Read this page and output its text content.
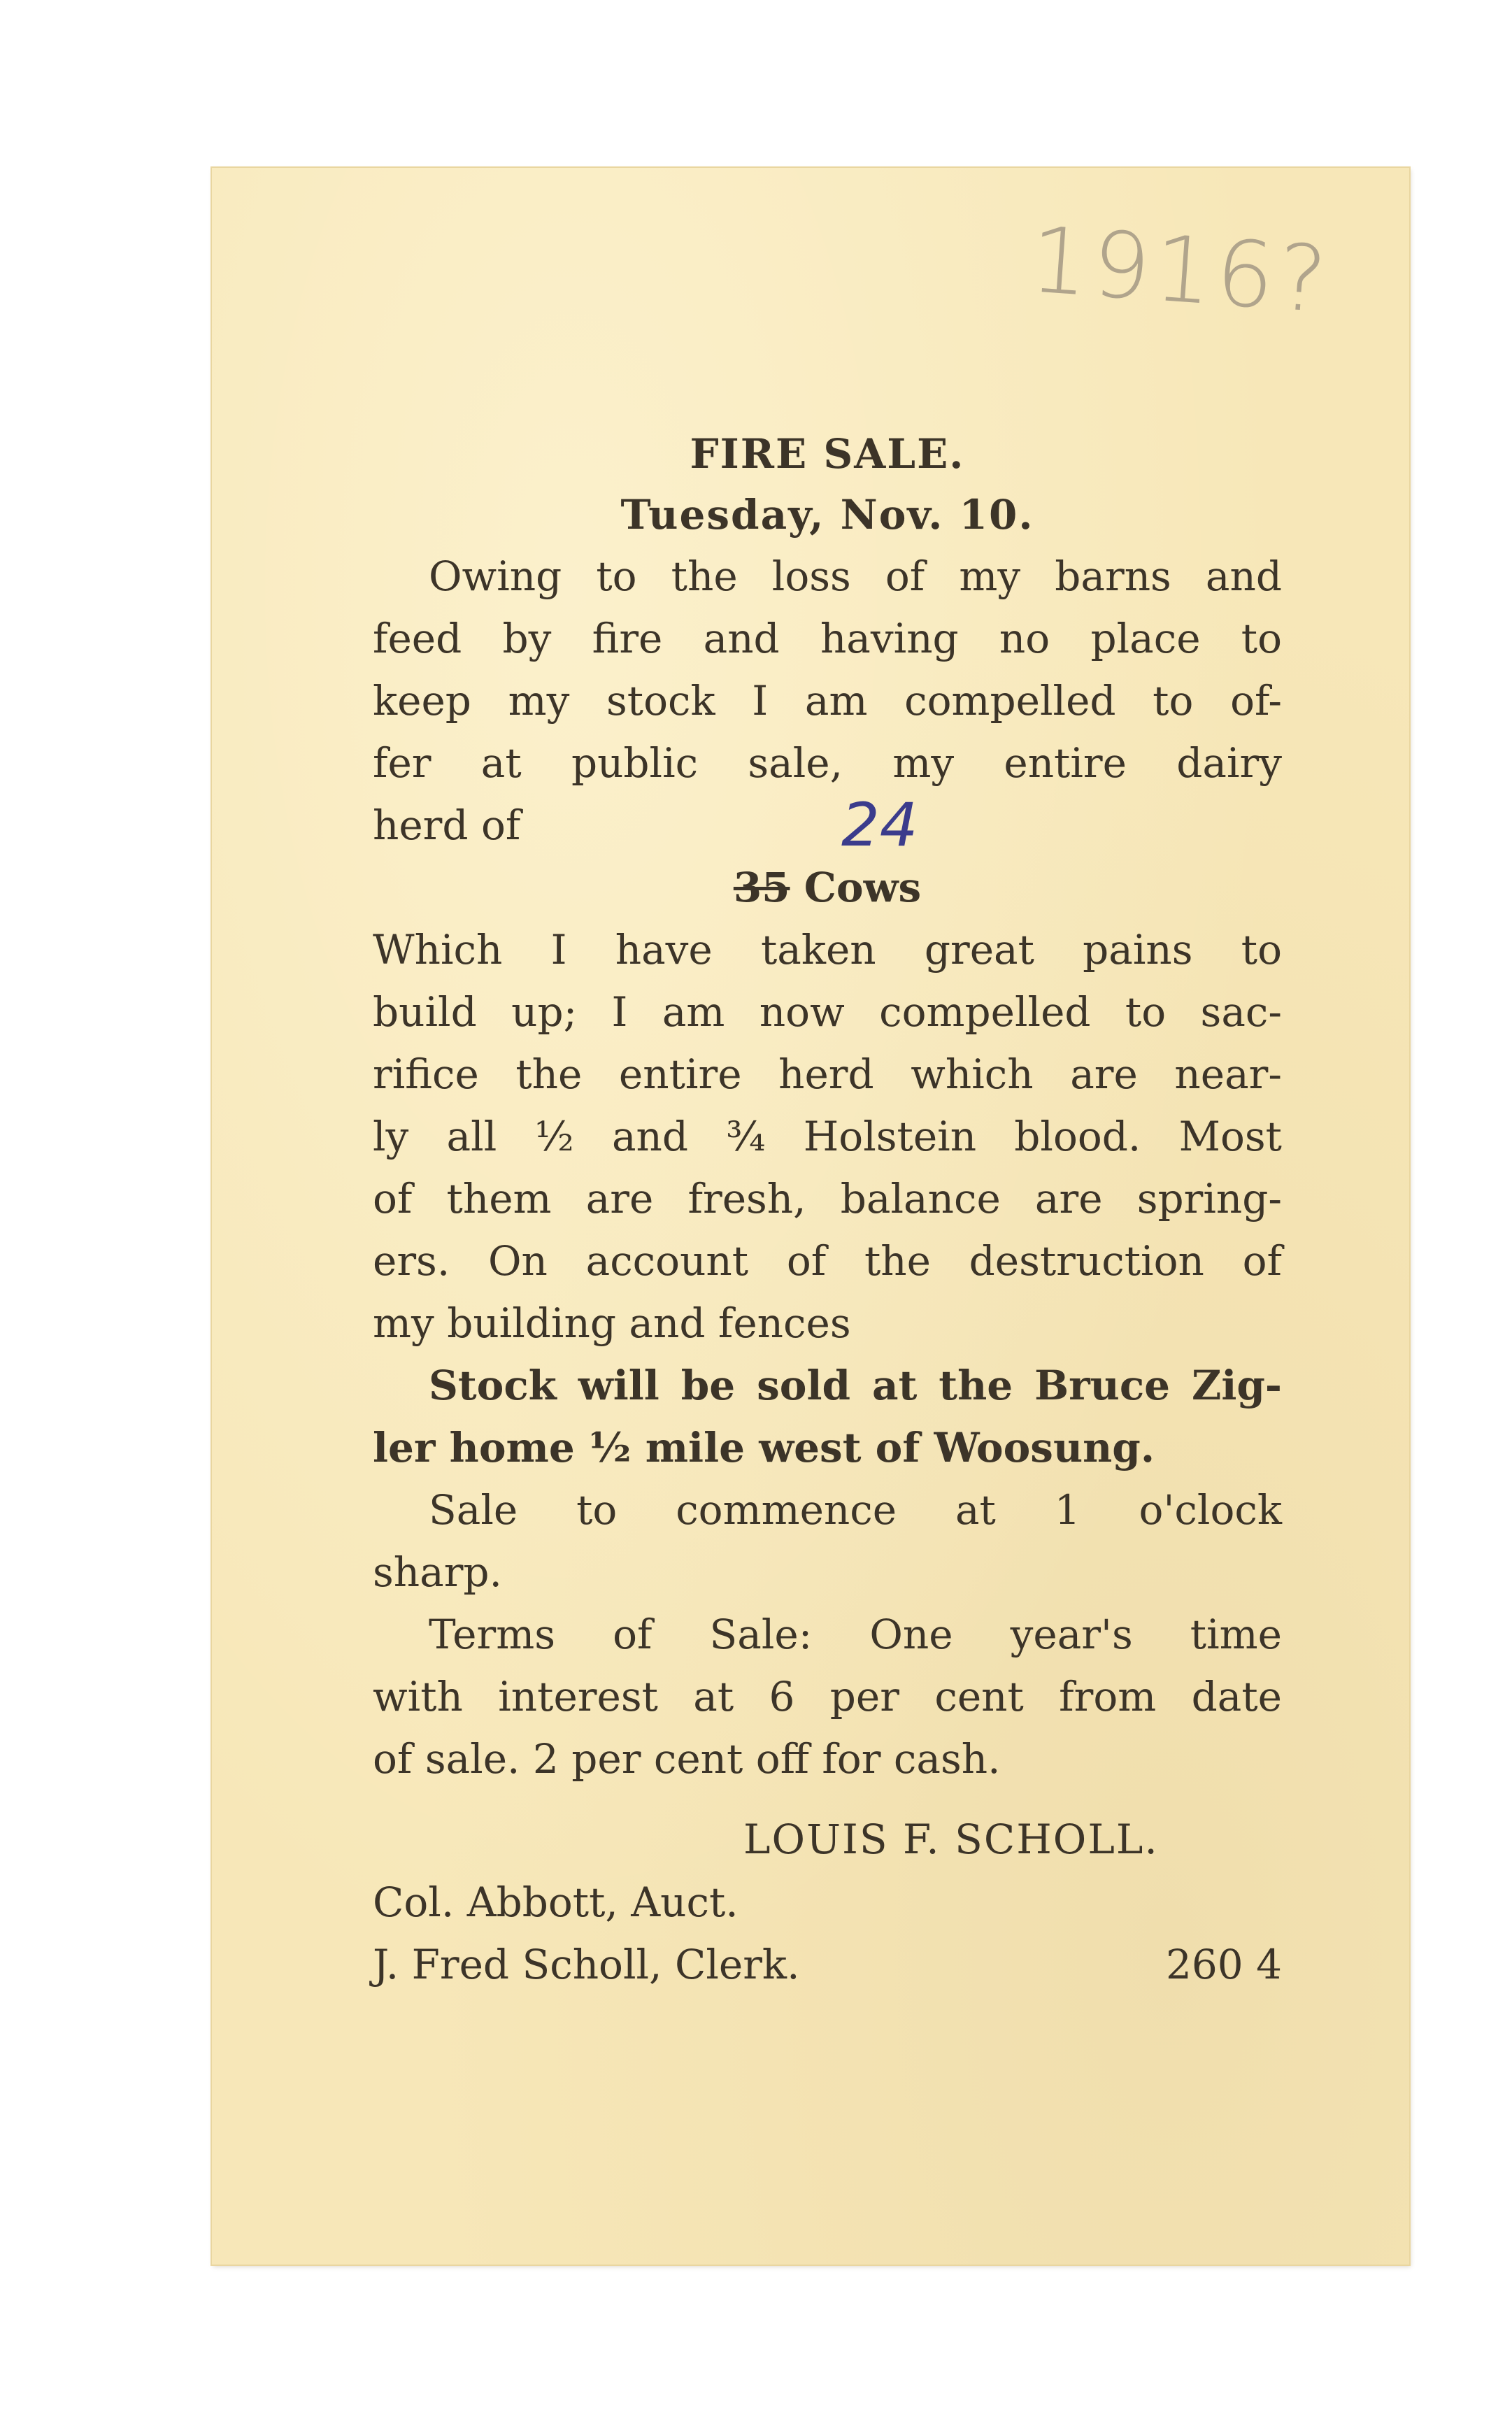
1916?
FIRE SALE.
Tuesday, Nov. 10.
Owing to the loss of my barns and
feed by fire and having no place to
keep my stock I am compelled to of-
fer at public sale, my entire dairy
herd of	24
35 Cows
Which I have taken great pains to
build up; I am now compelled to sac-
rifice the entire herd which are near-
ly all ½ and ¾ Holstein blood. Most
of them are fresh, balance are spring-
ers. On account of the destruction of
my building and fences
Stock will be sold at the Bruce Zig-
ler home ½ mile west of Woosung.
Sale to commence at 1 o'clock
sharp.
Terms of Sale: One year's time
with interest at 6 per cent from date
of sale. 2 per cent off for cash.
LOUIS F. SCHOLL.
Col. Abbott, Auct.
J. Fred Scholl, Clerk.	260 4
